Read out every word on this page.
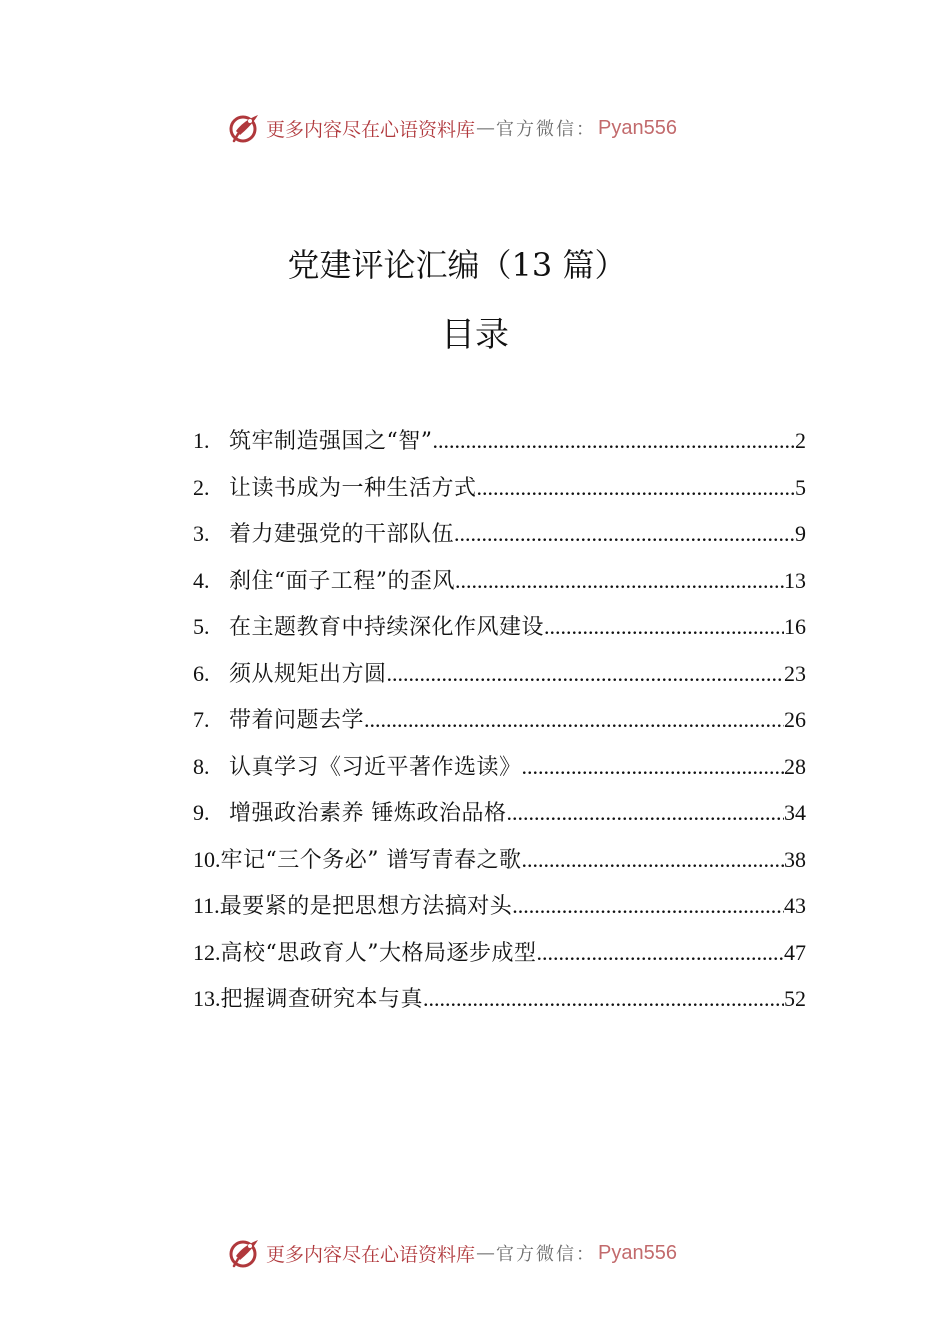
更多内容尽在心语资料库 — 官方微信： Pyan556
党建评论汇编（13 篇）
目录
1. 筑牢制造强国之“智” .....	2
2. 让读书成为一种生活方式 .....	5
3. 着力建强党的干部队伍 .....	9
4. 刹住“面子工程”的歪风 .....	13
5. 在主题教育中持续深化作风建设 .....	16
6. 须从规矩出方圆 .....	23
7. 带着问题去学 .....	26
8. 认真学习《习近平著作选读》 .....	28
9. 增强政治素养 锤炼政治品格 .....	34
10. 牢记“三个务必” 谱写青春之歌 .....	38
11. 最要紧的是把思想方法搞对头 .....	43
12. 高校“思政育人”大格局逐步成型 .....	47
13. 把握调查研究本与真 .....	52
更多内容尽在心语资料库 — 官方微信： Pyan556
